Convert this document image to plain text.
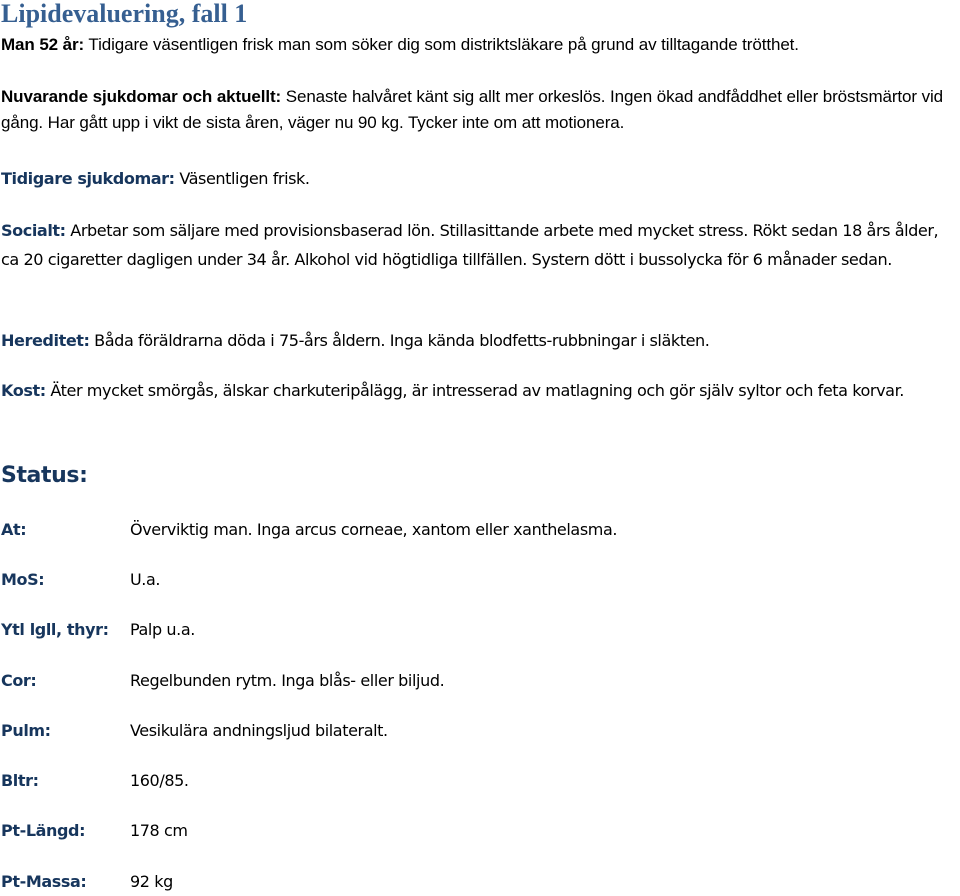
Lipidevaluering, fall 1

Man 52 år: Tidigare väsentligen frisk man som söker dig som distriktsläkare på grund av tilltagande trötthet.

Nuvarande sjukdomar och aktuellt: Senaste halvåret känt sig allt mer orkeslös. Ingen ökad andfåddhet eller bröstsmärtor vid gång. Har gått upp i vikt de sista åren, väger nu 90 kg. Tycker inte om att motionera.

Tidigare sjukdomar: Väsentligen frisk.

Socialt: Arbetar som säljare med provisionsbaserad lön. Stillasittande arbete med mycket stress. Rökt sedan 18 års ålder, ca 20 cigaretter dagligen under 34 år. Alkohol vid högtidliga tillfällen. Systern dött i bussolycka för 6 månader sedan.

Hereditet: Båda föräldrarna döda i 75-års åldern. Inga kända blodfetts-rubbningar i släkten.

Kost: Äter mycket smörgås, älskar charkuteripålägg, är intresserad av matlagning och gör själv syltor och feta korvar.

Status:
At:	Överviktig man. Inga arcus corneae, xantom eller xanthelasma.
MoS:	U.a.
Ytl lgll, thyr: Palp u.a.
Cor:	Regelbunden rytm. Inga blås- eller biljud.
Pulm:	Vesikulära andningsljud bilateralt.
Bltr:	160/85.
Pt-Längd:	178 cm
Pt-Massa:	92 kg
